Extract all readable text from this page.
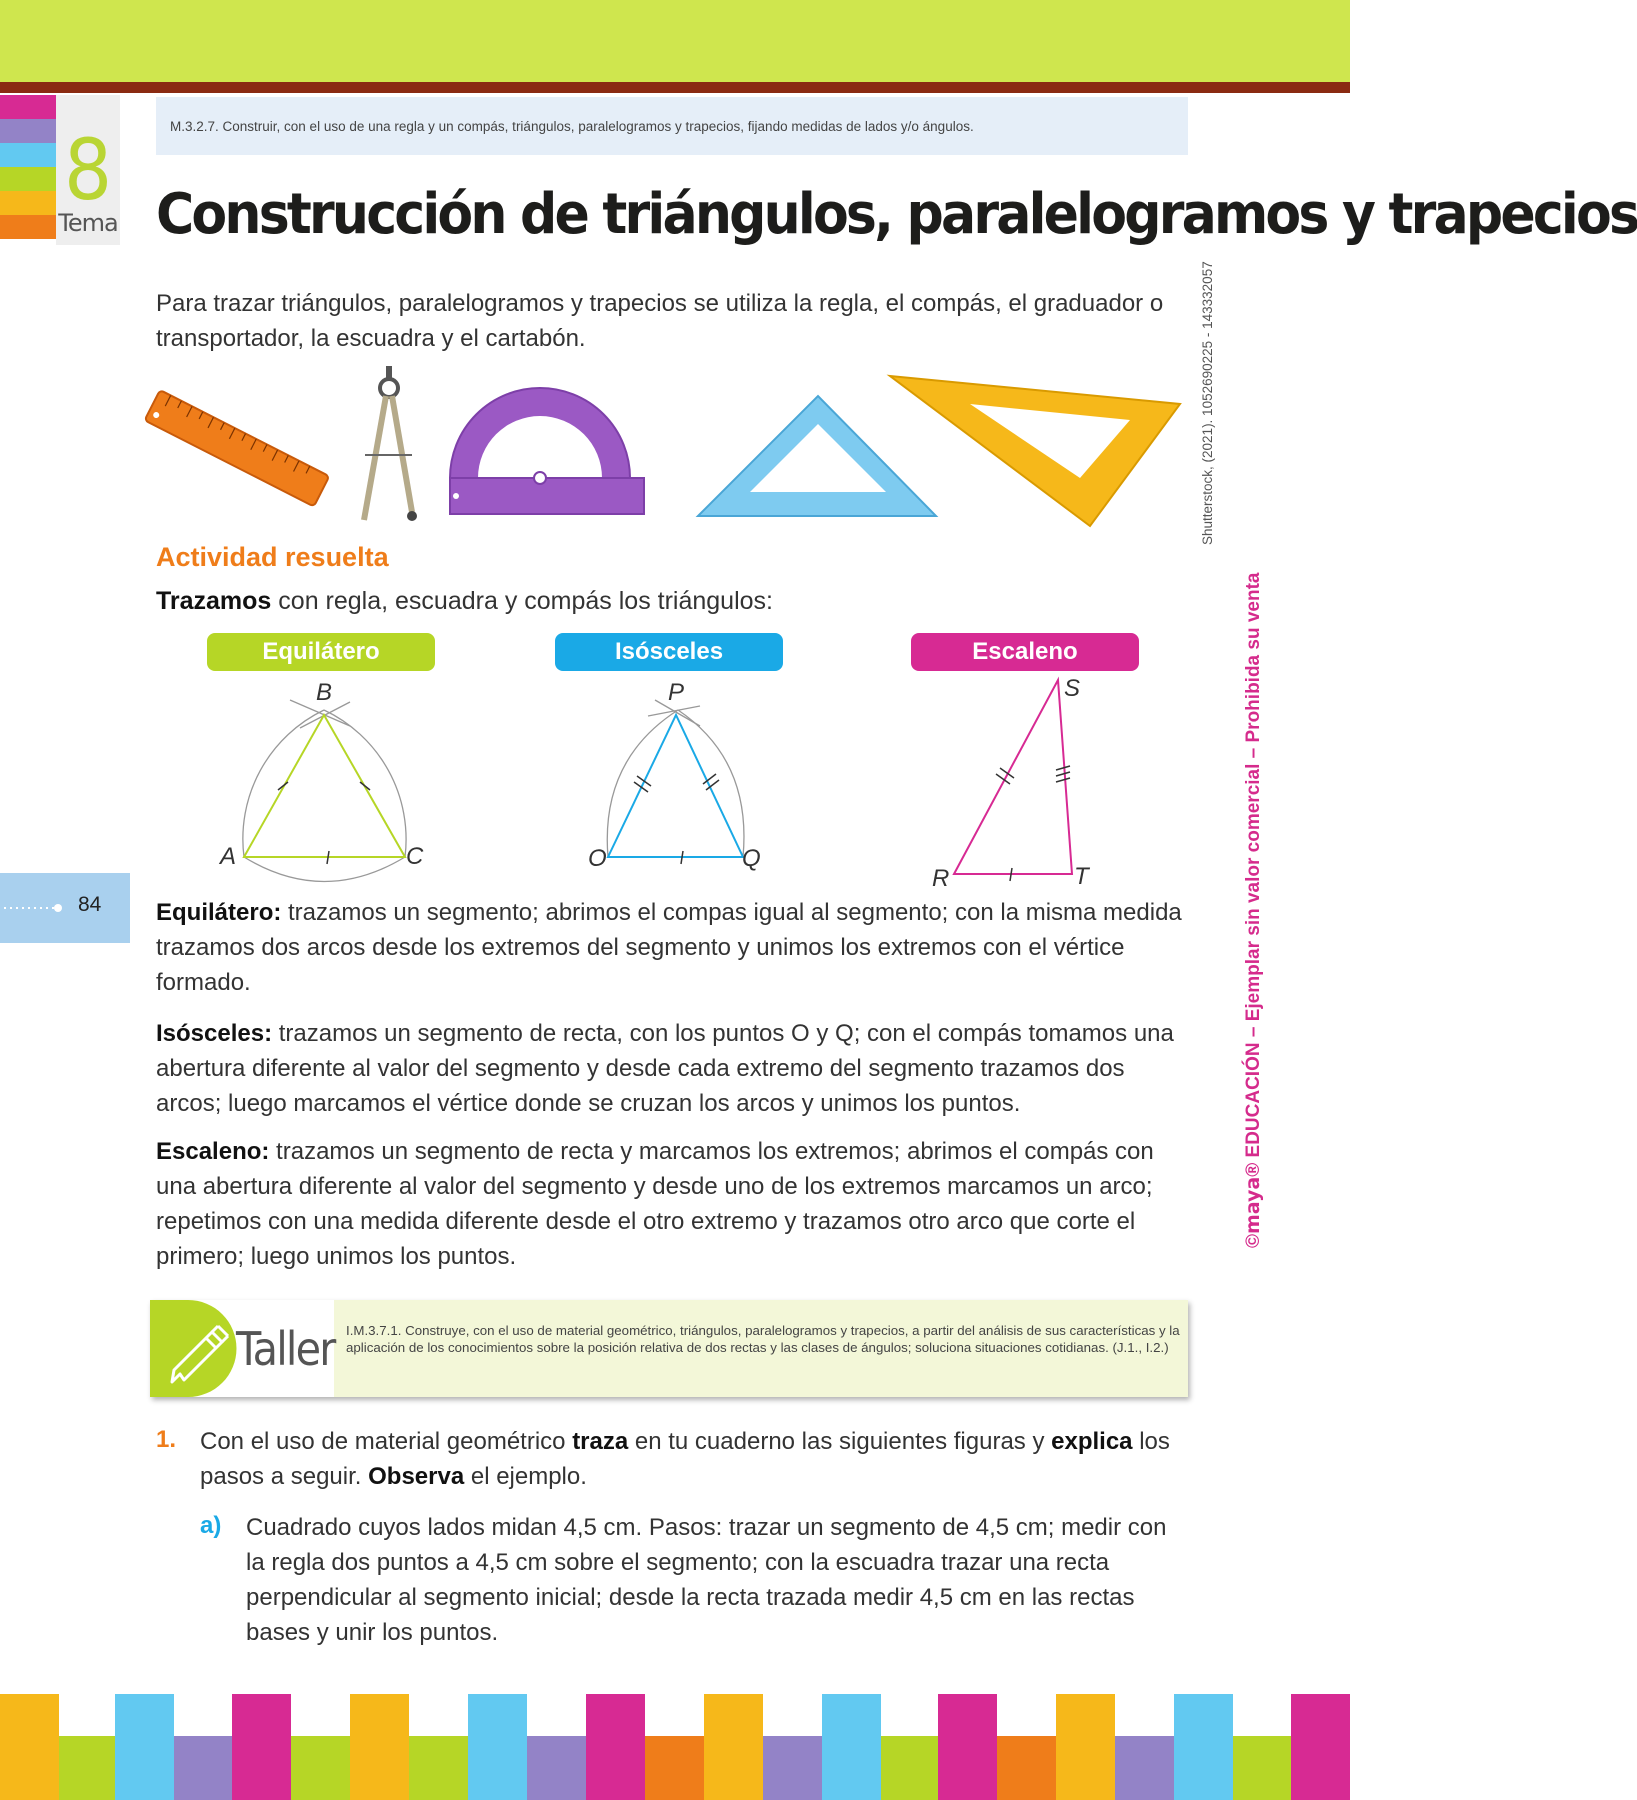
8
Tema
M.3.2.7. Construir, con el uso de una regla y un compás, triángulos, paralelogramos y trapecios, fijando medidas de lados y/o ángulos.
Construcción de triángulos, paralelogramos y trapecios
Para trazar triángulos, paralelogramos y trapecios se utiliza la regla, el compás, el graduador o transportador, la escuadra y el cartabón.	Shutterstock, (2021). 1052690225 - 143332057
©maya® EDUCACIÓN – Ejemplar sin valor comercial – Prohibida su venta
Actividad resuelta
Trazamos con regla, escuadra y compás los triángulos:
Equilátero	Isósceles	Escaleno
A
B
C	O
P
Q
R
S
T
84 Equilátero: trazamos un segmento; abrimos el compas igual al segmento; con la misma medida trazamos dos arcos desde los extremos del segmento y unimos los extremos con el vértice formado.
Isósceles: trazamos un segmento de recta, con los puntos O y Q; con el compás tomamos una abertura diferente al valor del segmento y desde cada extremo del segmento trazamos dos arcos; luego marcamos el vértice donde se cruzan los arcos y unimos los puntos.
Escaleno: trazamos un segmento de recta y marcamos los extremos; abrimos el compás con una abertura diferente al valor del segmento y desde uno de los extremos marcamos un arco; repetimos con una medida diferente desde el otro extremo y trazamos otro arco que corte el primero; luego unimos los puntos.
Taller I.M.3.7.1. Construye, con el uso de material geométrico, triángulos, paralelogramos y trapecios, a partir del análisis de sus características y la aplicación de los conocimientos sobre la posición relativa de dos rectas y las clases de ángulos; soluciona situaciones cotidianas. (J.1., I.2.)
1. Con el uso de material geométrico traza en tu cuaderno las siguientes figuras y explica los pasos a seguir. Observa el ejemplo.
a) Cuadrado cuyos lados midan 4,5 cm. Pasos: trazar un segmento de 4,5 cm; medir con la regla dos puntos a 4,5 cm sobre el segmento; con la escuadra trazar una recta perpendicular al segmento inicial; desde la recta trazada medir 4,5 cm en las rectas bases y unir los puntos.
